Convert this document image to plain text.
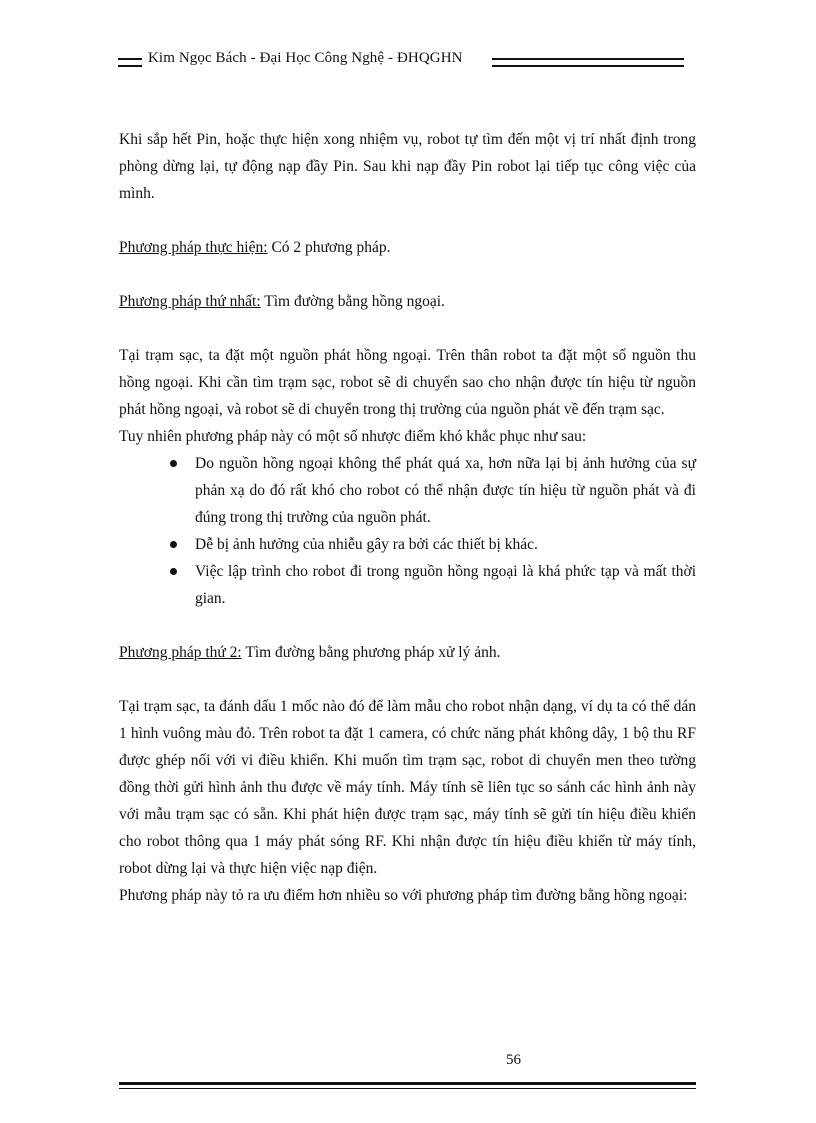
Kim Ngọc Bách - Đại Học Công Nghệ - ĐHQGHN

Khi sắp hết Pin, hoặc thực hiện xong nhiệm vụ, robot tự tìm đến một vị trí nhất định trong phòng dừng lại, tự động nạp đầy Pin. Sau khi nạp đầy Pin robot lại tiếp tục công việc của mình.

Phương pháp thực hiện: Có 2 phương pháp.

Phương pháp thứ nhất: Tìm đường bằng hồng ngoại.

Tại trạm sạc, ta đặt một nguồn phát hồng ngoại. Trên thân robot ta đặt một số nguồn thu hồng ngoại. Khi cần tìm trạm sạc, robot sẽ di chuyển sao cho nhận được tín hiệu từ nguồn phát hồng ngoại, và robot sẽ di chuyển trong thị trường của nguồn phát về đến trạm sạc.

Tuy nhiên phương pháp này có một số nhược điểm khó khắc phục như sau:

Do nguồn hồng ngoại không thể phát quá xa, hơn nữa lại bị ảnh hưởng của sự phản xạ do đó rất khó cho robot có thể nhận được tín hiệu từ nguồn phát và đi đúng trong thị trường của nguồn phát.
Dễ bị ảnh hưởng của nhiễu gây ra bởi các thiết bị khác.
Việc lập trình cho robot đi trong nguồn hồng ngoại là khá phức tạp và mất thời gian.

Phương pháp thứ 2: Tìm đường bằng phương pháp xử lý ảnh.

Tại trạm sạc, ta đánh dấu 1 mốc nào đó để làm mẫu cho robot nhận dạng, ví dụ ta có thể dán 1 hình vuông màu đỏ. Trên robot ta đặt 1 camera, có chức năng phát không dây, 1 bộ thu RF được ghép nối với vi điều khiển. Khi muốn tìm trạm sạc, robot di chuyển men theo tường đồng thời gửi hình ảnh thu được về máy tính. Máy tính sẽ liên tục so sánh các hình ảnh này với mẫu trạm sạc có sẵn. Khi phát hiện được trạm sạc, máy tính sẽ gửi tín hiệu điều khiển cho robot thông qua 1 máy phát sóng RF. Khi nhận được tín hiệu điều khiển từ máy tính, robot dừng lại và thực hiện việc nạp điện.

Phương pháp này tỏ ra ưu điểm hơn nhiều so với phương pháp tìm đường bằng hồng ngoại:

56
